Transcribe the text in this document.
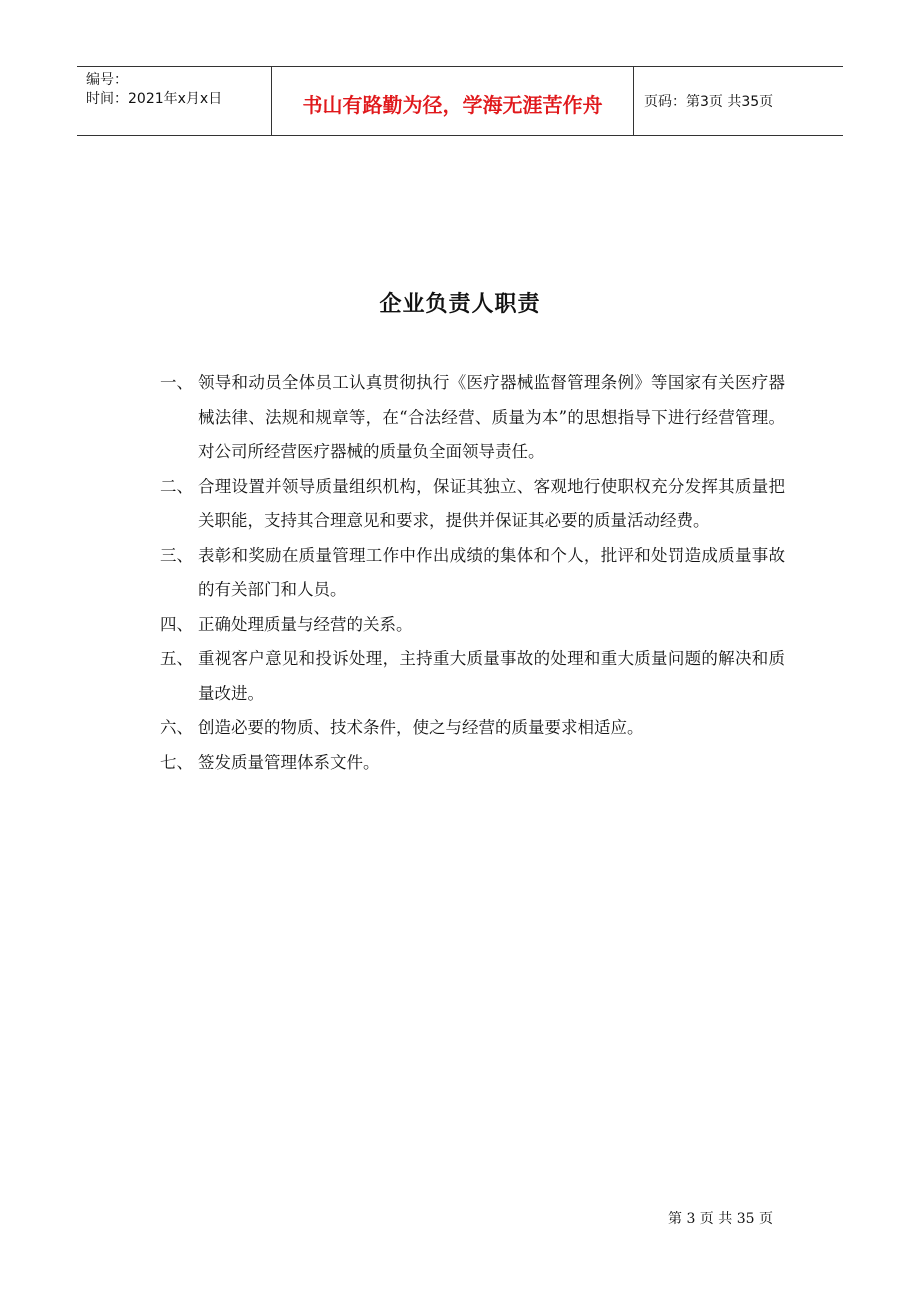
编号：
时间：2021年x月x日	书山有路勤为径，学海无涯苦作舟	页码：第3页 共35页
企业负责人职责
一、 领导和动员全体员工认真贯彻执行《医疗器械监督管理条例》等国家有关医疗器械法律、法规和规章等，在“合法经营、质量为本”的思想指导下进行经营管理。对公司所经营医疗器械的质量负全面领导责任。
二、 合理设置并领导质量组织机构，保证其独立、客观地行使职权充分发挥其质量把关职能，支持其合理意见和要求，提供并保证其必要的质量活动经费。
三、 表彰和奖励在质量管理工作中作出成绩的集体和个人，批评和处罚造成质量事故的有关部门和人员。
四、 正确处理质量与经营的关系。
五、 重视客户意见和投诉处理，主持重大质量事故的处理和重大质量问题的解决和质量改进。
六、 创造必要的物质、技术条件，使之与经营的质量要求相适应。
七、 签发质量管理体系文件。
第 3 页 共 35 页
